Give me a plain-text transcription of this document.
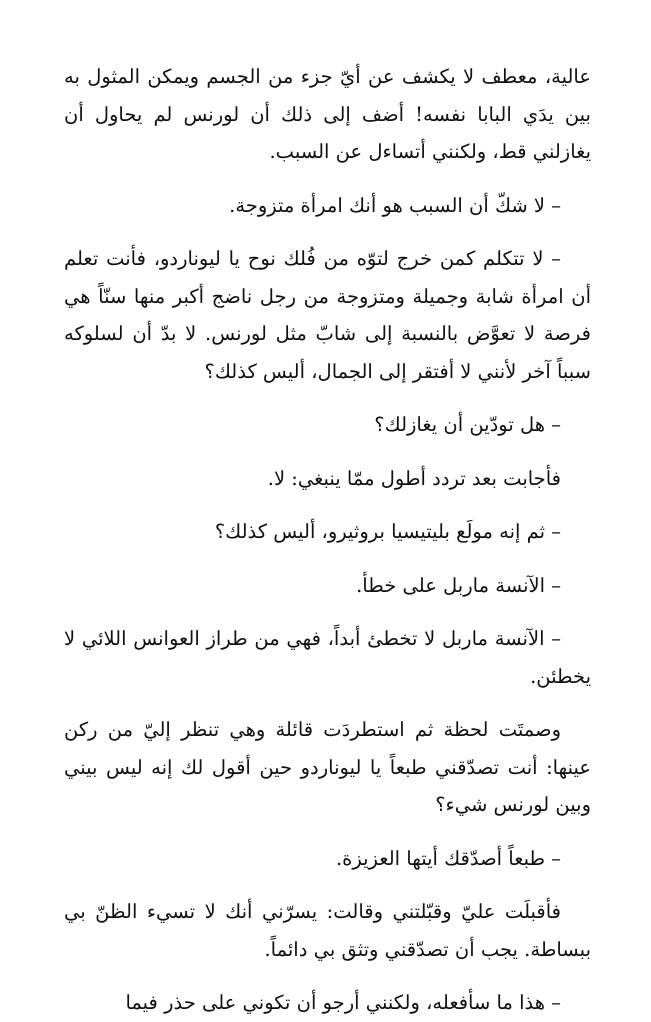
عالية، معطف لا يكشف عن أيّ جزء من الجسم ويمكن المثول به بين يدَي البابا نفسه! أضف إلى ذلك أن لورنس لم يحاول أن يغازلني قط، ولكنني أتساءل عن السبب.

– لا شكّ أن السبب هو أنك امرأة متزوجة.

– لا تتكلم كمن خرج لتوّه من فُلك نوح يا ليوناردو، فأنت تعلم أن امرأة شابة وجميلة ومتزوجة من رجل ناضج أكبر منها سنّاً هي فرصة لا تعوَّض بالنسبة إلى شابّ مثل لورنس. لا بدّ أن لسلوكه سبباً آخر لأنني لا أفتقر إلى الجمال، أليس كذلك؟

– هل تودّين أن يغازلك؟

فأجابت بعد تردد أطول ممّا ينبغي: لا.

– ثم إنه مولَع بليتيسيا بروثيرو، أليس كذلك؟

– الآنسة ماربل على خطأ.

– الآنسة ماربل لا تخطئ أبداً، فهي من طراز العوانس اللائي لا يخطئن.

وصمتَت لحظة ثم استطردَت قائلة وهي تنظر إليّ من ركن عينها: أنت تصدّقني طبعاً يا ليوناردو حين أقول لك إنه ليس بيني وبين لورنس شيء؟

– طبعاً أصدّقك أيتها العزيزة.

فأقبلَت عليّ وقبّلتني وقالت: يسرّني أنك لا تسيء الظنّ بي ببساطة. يجب أن تصدّقني وتثق بي دائماً.

– هذا ما سأفعله، ولكنني أرجو أن تكوني على حذر فيما
